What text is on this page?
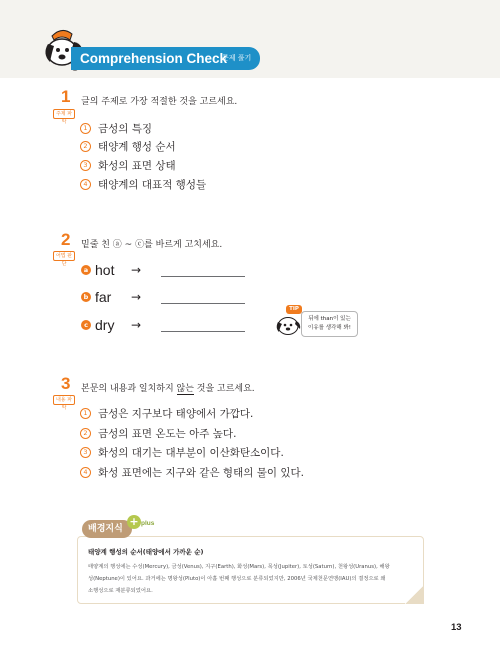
Comprehension Check
문제 풀기
1
주제 파악
글의 주제로 가장 적절한 것을 고르세요.
1 금성의 특징
2 태양계 행성 순서
3 화성의 표면 상태
4 태양계의 대표적 행성들
2
어법 판단
밑줄 친 ⓐ ~ ⓒ를 바르게 고치세요.
a hot →
b far →
c dry →
TIP
뒤에 than이 있는
이유를 생각해 봐!
3
내용 파악
본문의 내용과 일치하지 않는 것을 고르세요.
1 금성은 지구보다 태양에서 가깝다.
2 금성의 표면 온도는 아주 높다.
3 화성의 대기는 대부분이 이산화탄소이다.
4 화성 표면에는 지구와 같은 형태의 물이 있다.
배경지식
+ plus
태양계 행성의 순서(태양에서 가까운 순)
태양계의 행성에는 수성(Mercury), 금성(Venus), 지구(Earth), 화성(Mars), 목성(Jupiter), 토성(Saturn), 천왕성(Uranus), 해왕
성(Neptune)이 있어요. 과거에는 명왕성(Pluto)이 아홉 번째 행성으로 분류되었지만, 2006년 국제천문연맹(IAU)의 결정으로 왜
소행성으로 재분류되었어요.
13
